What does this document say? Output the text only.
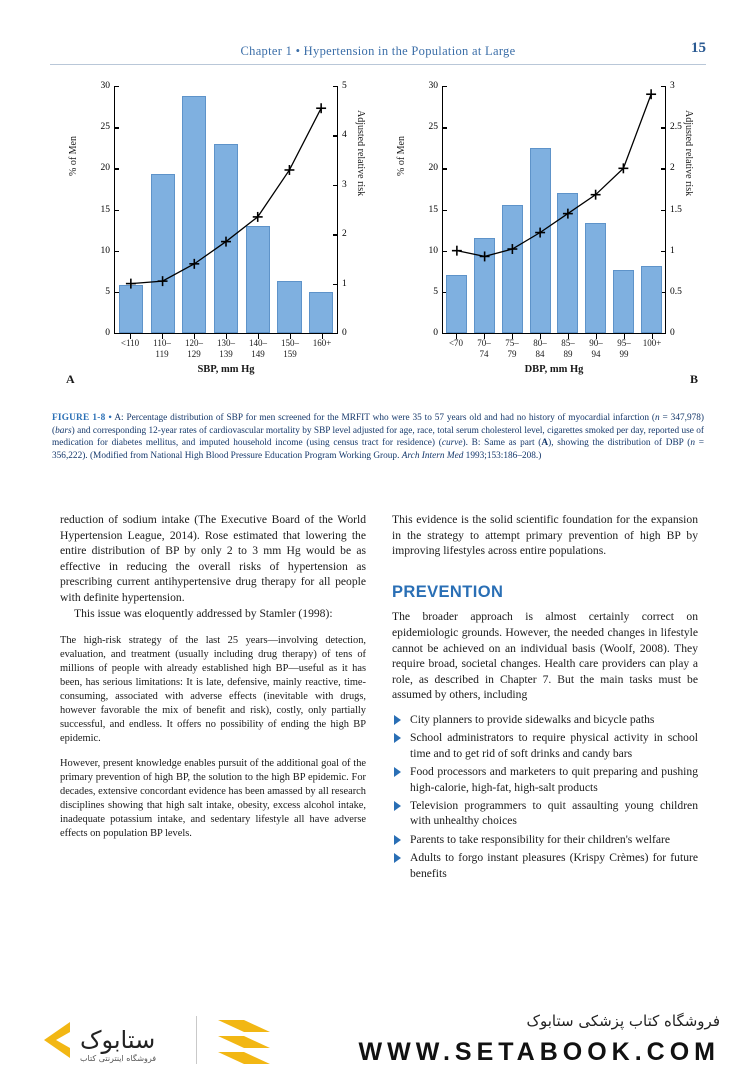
Chapter 1 • Hypertension in the Population at Large	15
% of Men	Adjusted relative risk
0
5
10
15
20
25
30
0
1
2
3
4
5
<110	110–
119
120–
129
130–
139
140–
149
150–
159
160+
SBP, mm Hg
A
% of Men	Adjusted relative risk
0
5
10
15
20
25
30
0
0.5
1
1.5
2
2.5
3
<70	70–
74
75–
79
80–
84
85–
89
90–
94
95–
99
100+
DBP, mm Hg
B
FIGURE 1-8 • A: Percentage distribution of SBP for men screened for the MRFIT who were 35 to 57 years old and had no history of myocardial infarction (n = 347,978) (bars) and corresponding 12-year rates of cardiovascular mortality by SBP level adjusted for age, race, total serum cholesterol level, cigarettes smoked per day, reported use of medication for diabetes mellitus, and imputed household income (using census tract for residence) (curve). B: Same as part (A), showing the distribution of DBP (n = 356,222). (Modified from National High Blood Pressure Education Program Working Group. Arch Intern Med 1993;153:186–208.)

reduction of sodium intake (The Executive Board of the World Hypertension League, 2014). Rose estimated that lowering the entire distribution of BP by only 2 to 3 mm Hg would be as effective in reducing the overall risks of hypertension as prescribing current antihypertensive drug therapy for all people with definite hypertension.

This issue was eloquently addressed by Stamler (1998):

The high-risk strategy of the last 25 years—involving detection, evaluation, and treatment (usually including drug therapy) of tens of millions of people with already established high BP—useful as it has been, has serious limitations: It is late, defensive, mainly reactive, time-consuming, associated with adverse effects (inevitable with drugs, however favorable the mix of benefit and risk), costly, only partially successful, and endless. It offers no possibility of ending the high BP epidemic.

However, present knowledge enables pursuit of the additional goal of the primary prevention of high BP, the solution to the high BP epidemic. For decades, extensive concordant evidence has been amassed by all research disciplines showing that high salt intake, obesity, excess alcohol intake, inadequate potassium intake, and sedentary lifestyle all have adverse effects on population BP levels.

This evidence is the solid scientific foundation for the expansion in the strategy to attempt primary prevention of high BP by improving lifestyles across entire populations.

PREVENTION

The broader approach is almost certainly correct on epidemiologic grounds. However, the needed changes in lifestyle cannot be achieved on an individual basis (Woolf, 2008). They require broad, societal changes. Health care providers can play a role, as described in Chapter 7. But the main tasks must be assumed by others, including

City planners to provide sidewalks and bicycle paths
School administrators to require physical activity in school time and to get rid of soft drinks and candy bars
Food processors and marketers to quit preparing and pushing high-calorie, high-fat, high-salt products
Television programmers to quit assaulting young children with unhealthy choices
Parents to take responsibility for their children's welfare
Adults to forgo instant pleasures (Krispy Crèmes) for future benefits
ستابوک
فروشگاه اینترنتی کتاب
فروشگاه کتاب پزشکی ستابوک
WWW.SETABOOK.COM
